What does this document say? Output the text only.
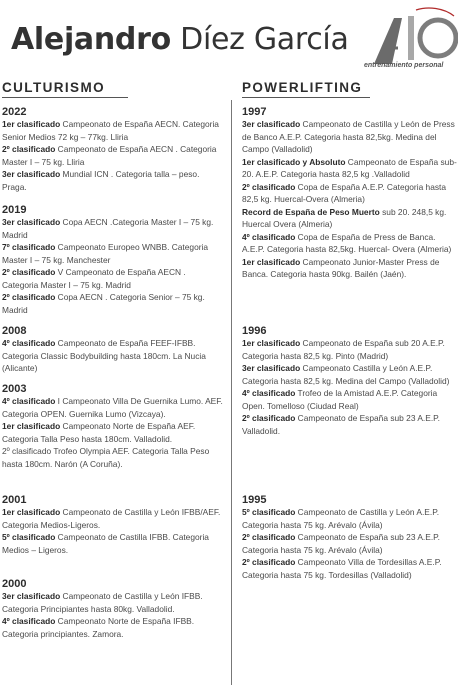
Alejandro Díez García
entrenamiento personal
CULTURISMO

2022

1er clasificado Campeonato de España AECN. Categoria Senior Medios 72 kg – 77kg. Lliria

2º clasificado Campeonato de España AECN . Categoria Master I – 75 kg. Lliria

3er clasificado Mundial ICN . Categoria talla – peso. Praga.

2019

3er clasificado Copa AECN .Categoria Master I – 75 kg. Madrid

7º clasificado Campeonato Europeo WNBB. Categoria Master I – 75 kg. Manchester

2º clasificado V Campeonato de España AECN . Categoria Master I – 75 kg. Madrid

2º clasificado Copa AECN . Categoria Senior – 75 kg. Madrid

2008

4º clasificado Campeonato de España FEEF-IFBB. Categoria Classic Bodybuilding hasta 180cm. La Nucia (Alicante)

2003

4º clasificado I Campeonato Villa De Guernika Lumo. AEF. Categoria OPEN. Guernika Lumo (Vizcaya).

1er clasificado Campeonato Norte de España AEF. Categoria Talla Peso hasta 180cm. Valladolid.

2º clasificado Trofeo Olympia AEF. Categoria Talla Peso hasta 180cm. Narón (A Coruña).

2001

1er clasificado Campeonato de Castilla y León IFBB/AEF. Categoria Medios-Ligeros.

5º clasificado Campeonato de Castilla IFBB. Categoria Medios – Ligeros.

2000

3er clasificado Campeonato de Castilla y León IFBB. Categoria Principiantes hasta 80kg. Valladolid.

4º clasificado Campeonato Norte de España IFBB. Categoria principiantes. Zamora.

POWERLIFTING

1997

3er clasificado Campeonato de Castilla y León de Press de Banco A.E.P. Categoria hasta 82,5kg. Medina del Campo (Valladolid)

1er clasificado y Absoluto Campeonato de España sub-20. A.E.P. Categoria hasta 82,5 kg .Valladolid

2º clasificado Copa de España A.E.P. Categoria hasta 82,5 kg. Huercal-Overa (Almeria)

Record de España de Peso Muerto sub 20. 248,5 kg. Huercal Overa (Almeria)

4º clasificado Copa de España de Press de Banca. A.E.P. Categoria hasta 82,5kg. Huercal- Overa (Almeria)

1er clasificado Campeonato Junior-Master Press de Banca. Categoria hasta 90kg. Bailén (Jaén).

1996

1er clasificado Campeonato de España sub 20 A.E.P. Categoria hasta 82,5 kg. Pinto (Madrid)

3er clasificado Campeonato Castilla y León A.E.P. Categoria hasta 82,5 kg. Medina del Campo (Valladolid)

4º clasificado Trofeo de la Amistad A.E.P. Categoria Open. Tomelloso (Ciudad Real)

2º clasificado Campeonato de España sub 23 A.E.P. Valladolid.

1995

5º clasificado Campeonato de Castilla y León A.E.P. Categoria hasta 75 kg. Arévalo (Ávila)

2º clasificado Campeonato de España sub 23 A.E.P. Categoria hasta 75 kg. Arévalo (Ávila)

2º clasificado Campeonato Villa de Tordesillas A.E.P. Categoria hasta 75 kg. Tordesillas (Valladolid)
